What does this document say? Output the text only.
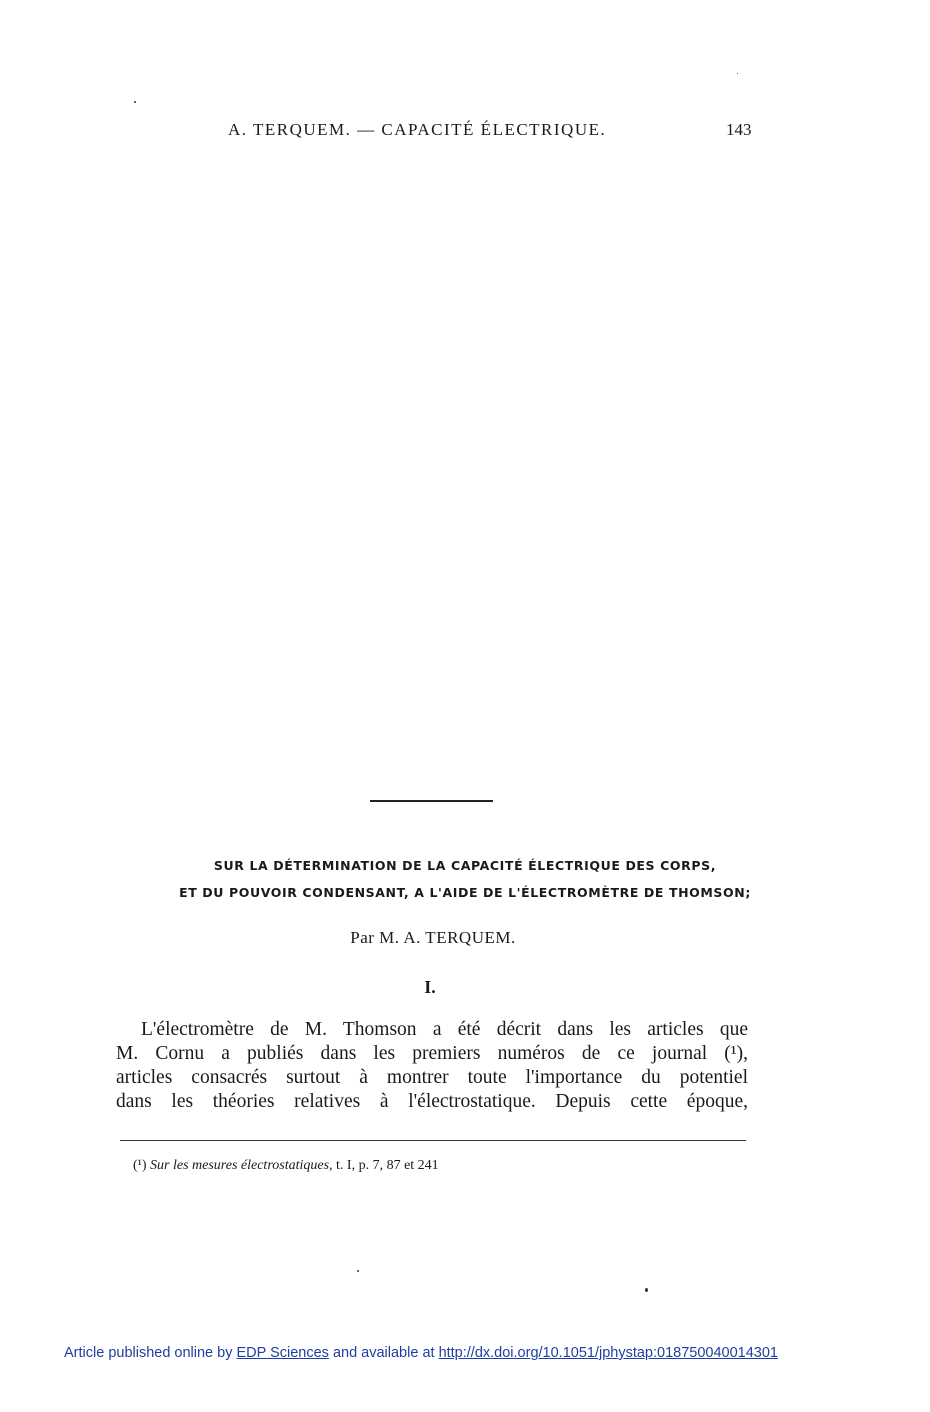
A. TERQUEM. — CAPACITÉ ÉLECTRIQUE.	143
SUR LA DÉTERMINATION DE LA CAPACITÉ ÉLECTRIQUE DES CORPS,
ET DU POUVOIR CONDENSANT, A L'AIDE DE L'ÉLECTROMÈTRE DE THOMSON;
Par M. A. TERQUEM.
I.
L'électromètre de M. Thomson a été décrit dans les articles que
M. Cornu a publiés dans les premiers numéros de ce journal (¹),
articles consacrés surtout à montrer toute l'importance du potentiel
dans les théories relatives à l'électrostatique. Depuis cette époque,
(¹) Sur les mesures électrostatiques, t. I, p. 7, 87 et 241
Article published online by EDP Sciences and available at http://dx.doi.org/10.1051/jphystap:018750040014301
